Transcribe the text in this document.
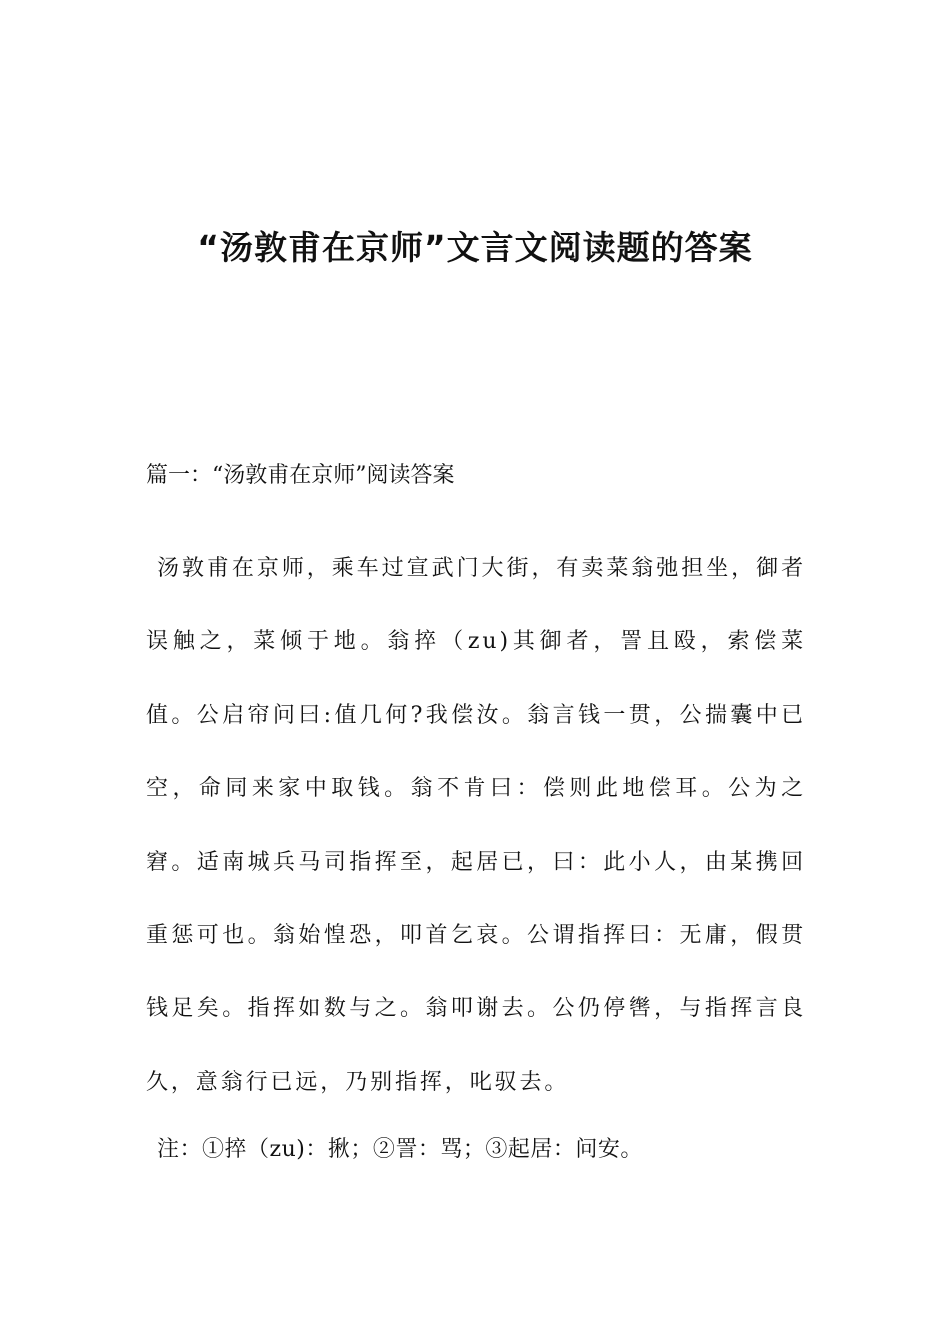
“汤敦甫在京师”文言文阅读题的答案
篇一：“汤敦甫在京师”阅读答案
汤敦甫在京师，乘车过宣武门大街，有卖菜翁弛担坐，御者误触之，菜倾于地。翁捽（zu)其御者，詈且殴，索偿菜值。公启帘问曰:值几何?我偿汝。翁言钱一贯，公揣囊中已空，命同来家中取钱。翁不肯曰：偿则此地偿耳。公为之窘。适南城兵马司指挥至，起居已，曰：此小人，由某携回重惩可也。翁始惶恐，叩首乞哀。公谓指挥曰：无庸，假贯钱足矣。指挥如数与之。翁叩谢去。公仍停辔，与指挥言良久，意翁行已远，乃别指挥，叱驭去。
注：①捽（zu)：揪；②詈：骂；③起居：问安。
